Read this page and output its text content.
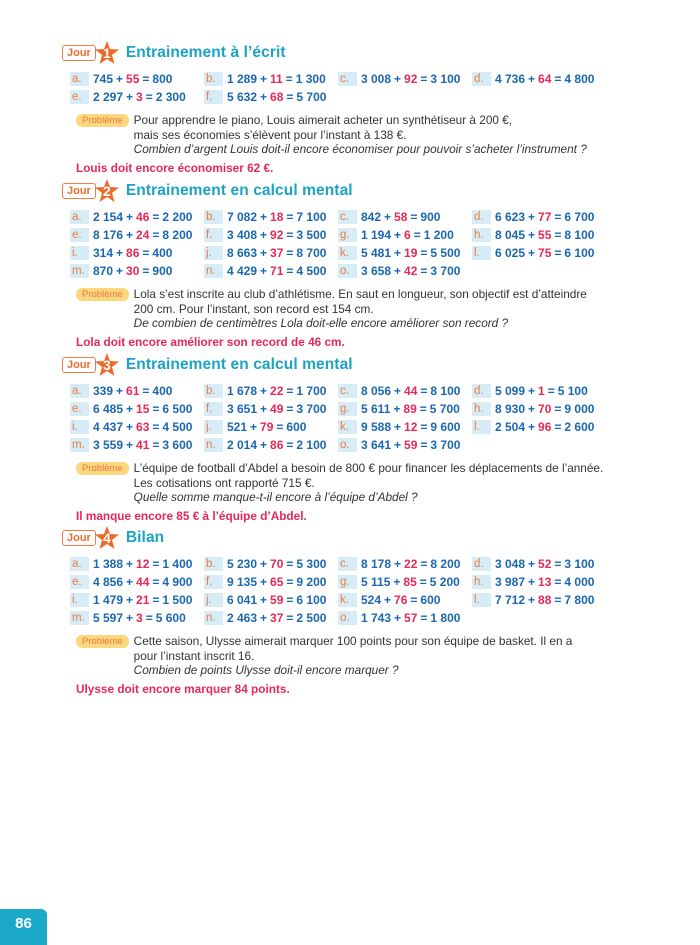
Jour 1 Entrainement à l’écrit
a. 745 + 55 = 800	b. 1 289 + 11 = 1 300 c.	3 008 + 92 = 3 100 d. 4 736 + 64 = 4 800
e. 2 297 + 3 = 2 300 f.	5 632 + 68 = 5 700
Problème Pour apprendre le piano, Louis aimerait acheter un synthétiseur à 200 €,
mais ses économies s’élèvent pour l’instant à 138 €.
Combien d’argent Louis doit-il encore économiser pour pouvoir s’acheter l’instrument ?
Louis doit encore économiser 62 €.
Jour 2 Entrainement en calcul mental
a. 2 154 + 46 = 2 200 b. 7 082 + 18 = 7 100 c.	842 + 58 = 900	d. 6 623 + 77 = 6 700
e. 8 176 + 24 = 8 200 f.	3 408 + 92 = 3 500 g. 1 194 + 6 = 1 200 h. 8 045 + 55 = 8 100
i.	314 + 86 = 400	j.	8 663 + 37 = 8 700 k.	5 481 + 19 = 5 500 l.	6 025 + 75 = 6 100
m. 870 + 30 = 900	n. 4 429 + 71 = 4 500 o. 3 658 + 42 = 3 700
Problème Lola s’est inscrite au club d’athlétisme. En saut en longueur, son objectif est d’atteindre
200 cm. Pour l’instant, son record est 154 cm.
De combien de centimètres Lola doit-elle encore améliorer son record ?
Lola doit encore améliorer son record de 46 cm.
Jour 3 Entrainement en calcul mental
a. 339 + 61 = 400	b. 1 678 + 22 = 1 700 c.	8 056 + 44 = 8 100 d. 5 099 + 1 = 5 100
e. 6 485 + 15 = 6 500 f.	3 651 + 49 = 3 700 g. 5 611 + 89 = 5 700 h. 8 930 + 70 = 9 000
i.	4 437 + 63 = 4 500 j.	521 + 79 = 600	k.	9 588 + 12 = 9 600 l.	2 504 + 96 = 2 600
m. 3 559 + 41 = 3 600 n. 2 014 + 86 = 2 100 o. 3 641 + 59 = 3 700
Problème L’équipe de football d’Abdel a besoin de 800 € pour financer les déplacements de l’année.
Les cotisations ont rapporté 715 €.
Quelle somme manque-t-il encore à l’équipe d’Abdel ?
Il manque encore 85 € à l’équipe d’Abdel.
Jour 4 Bilan
a. 1 388 + 12 = 1 400 b. 5 230 + 70 = 5 300 c.	8 178 + 22 = 8 200 d. 3 048 + 52 = 3 100
e. 4 856 + 44 = 4 900 f.	9 135 + 65 = 9 200 g. 5 115 + 85 = 5 200 h. 3 987 + 13 = 4 000
i.	1 479 + 21 = 1 500 j.	6 041 + 59 = 6 100 k.	524 + 76 = 600	l.	7 712 + 88 = 7 800
m. 5 597 + 3 = 5 600 n. 2 463 + 37 = 2 500 o. 1 743 + 57 = 1 800
Problème Cette saison, Ulysse aimerait marquer 100 points pour son équipe de basket. Il en a
pour l’instant inscrit 16.
Combien de points Ulysse doit-il encore marquer ?
Ulysse doit encore marquer 84 points.
86
